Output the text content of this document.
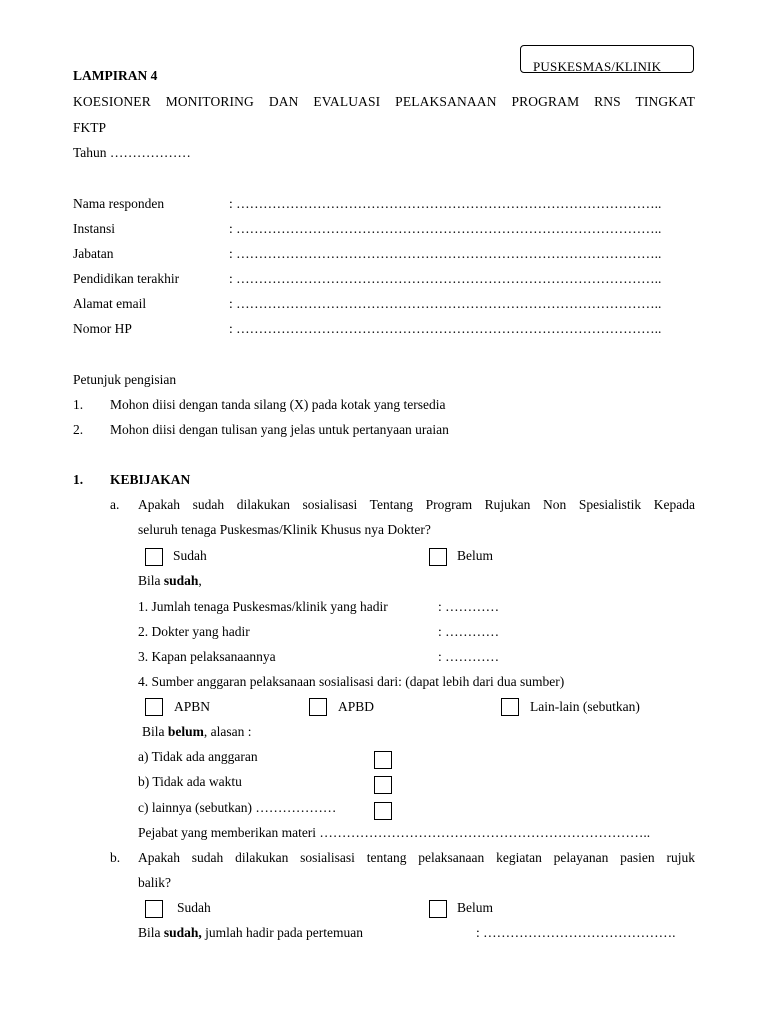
PUSKESMAS/KLINIK
LAMPIRAN 4
KOESIONER MONITORING DAN EVALUASI PELAKSANAAN PROGRAM RNS TINGKAT
FKTP
Tahun ………………
Nama responden	: …………………………………………………………………………………..
Instansi	: …………………………………………………………………………………..
Jabatan	: …………………………………………………………………………………..
Pendidikan terakhir	: …………………………………………………………………………………..
Alamat email	: …………………………………………………………………………………..
Nomor HP	: …………………………………………………………………………………..
Petunjuk pengisian
1. Mohon diisi dengan tanda silang (X) pada kotak yang tersedia
2. Mohon diisi dengan tulisan yang jelas untuk pertanyaan uraian
1. KEBIJAKAN
a. Apakah sudah dilakukan sosialisasi Tentang Program Rujukan Non Spesialistik Kepada
seluruh tenaga Puskesmas/Klinik Khusus nya Dokter?
Sudah	Belum
Bila sudah,
1. Jumlah tenaga Puskesmas/klinik yang hadir	: …………
2. Dokter yang hadir	: …………
3. Kapan pelaksanaannya	: …………
4. Sumber anggaran pelaksanaan sosialisasi dari: (dapat lebih dari dua sumber)
APBN	APBD	Lain-lain (sebutkan)
Bila belum, alasan :
a) Tidak ada anggaran
b) Tidak ada waktu
c) lainnya (sebutkan) ………………
Pejabat yang memberikan materi ………………………………………………………………..
b. Apakah sudah dilakukan sosialisasi tentang pelaksanaan kegiatan pelayanan pasien rujuk
balik?
Sudah	Belum
Bila sudah, jumlah hadir pada pertemuan	: …………………………………….
